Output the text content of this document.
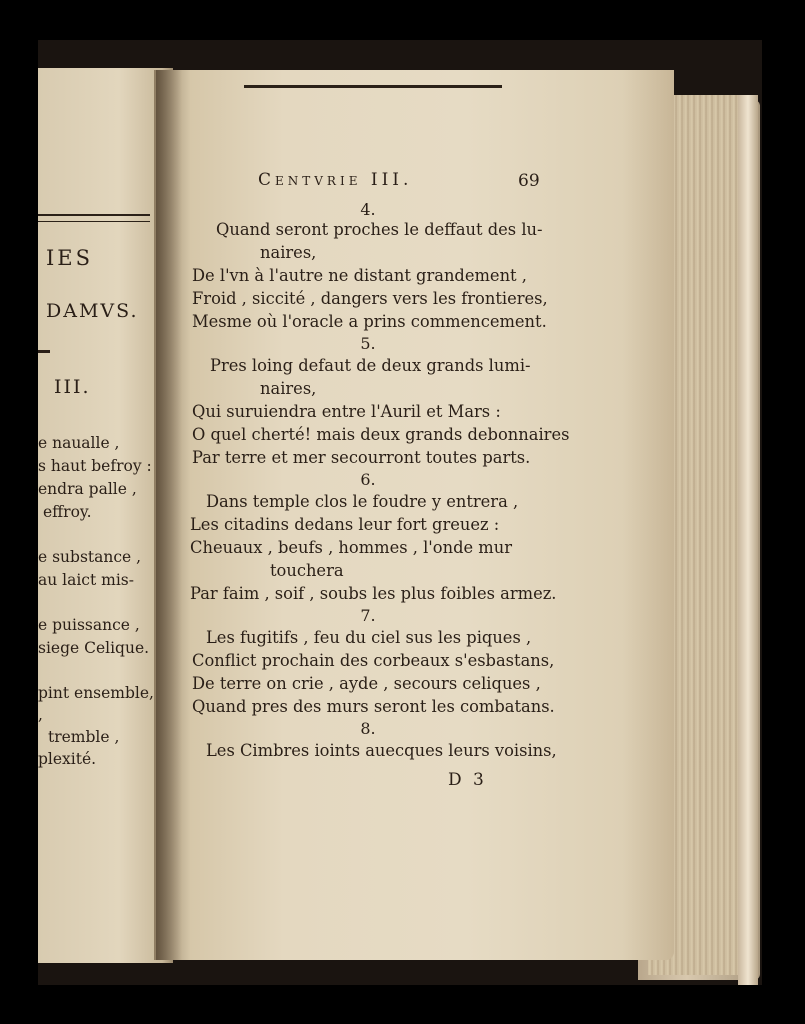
IES
DAMVS.
III.
e naualle ,
s haut befroy :
endra palle ,
effroy.
e substance ,
au laict mis-
e puissance ,
siege Celique.
pint ensemble,
,
tremble ,
plexité.
Centvrie III.	69
4.
Quand seront proches le deffaut des lu-
naires,
De l'vn à l'autre ne distant grandement ,
Froid , siccité , dangers vers les frontieres,
Mesme où l'oracle a prins commencement.
5.
Pres loing defaut de deux grands lumi-
naires,
Qui suruiendra entre l'Auril et Mars :
O quel cherté! mais deux grands debonnaires
Par terre et mer secourront toutes parts.
6.
Dans temple clos le foudre y entrera ,
Les citadins dedans leur fort greuez :
Cheuaux , beufs , hommes , l'onde mur
touchera
Par faim , soif , soubs les plus foibles armez.
7.
Les fugitifs , feu du ciel sus les piques ,
Conflict prochain des corbeaux s'esbastans,
De terre on crie , ayde , secours celiques ,
Quand pres des murs seront les combatans.
8.
Les Cimbres ioints auecques leurs voisins,
D 3
